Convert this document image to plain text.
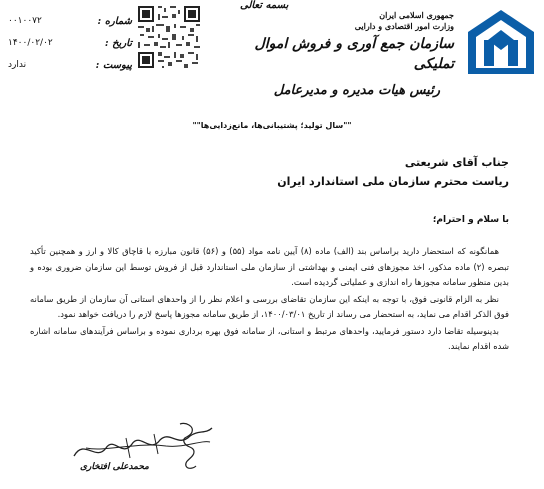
جمهوری اسلامی ایران
وزارت امور اقتصادی و دارایی
سازمان جمع آوری و فروش اموال تملیکی
رئیس هیات مدیره و مدیرعامل
بسمه تعالی
شماره :
۰۰۱۰۰۷۲
تاریخ :
۱۴۰۰/۰۲/۰۲
پیوست :
ندارد
""سال تولید؛ پشتیبانی‌ها، مانع‌زدایی‌ها""
جناب آقای شریعتی
ریاست محترم سازمان ملی استاندارد ایران
با سلام و احترام؛

همانگونه که استحضار دارید براساس بند (الف) ماده (۸) آیین نامه مواد (۵۵) و (۵۶) قانون مبارزه با قاچاق کالا و ارز و همچنین تأکید تبصره (۲) ماده مذکور، اخذ مجوزهای فنی ایمنی و بهداشتی از سازمان ملی استاندارد قبل از فروش توسط این سازمان ضروری بوده و بدین منظور سامانه مجوزها راه اندازی و عملیاتی گردیده است.

نظر به الزام قانونی فوق، با توجه به اینکه این سازمان تقاضای بررسی و اعلام نظر را از واحدهای استانی آن سازمان از طریق سامانه فوق الذکر اقدام می نماید، به استحضار می رساند از تاریخ ۱۴۰۰/۰۳/۰۱، از طریق سامانه مجوزها پاسخ لازم را دریافت خواهد نمود.

بدینوسیله تقاضا دارد دستور فرمایید، واحدهای مرتبط و استانی، از سامانه فوق بهره برداری نموده و براساس فرآیندهای سامانه اشاره شده اقدام نمایند.

محمدعلی افتخاری
